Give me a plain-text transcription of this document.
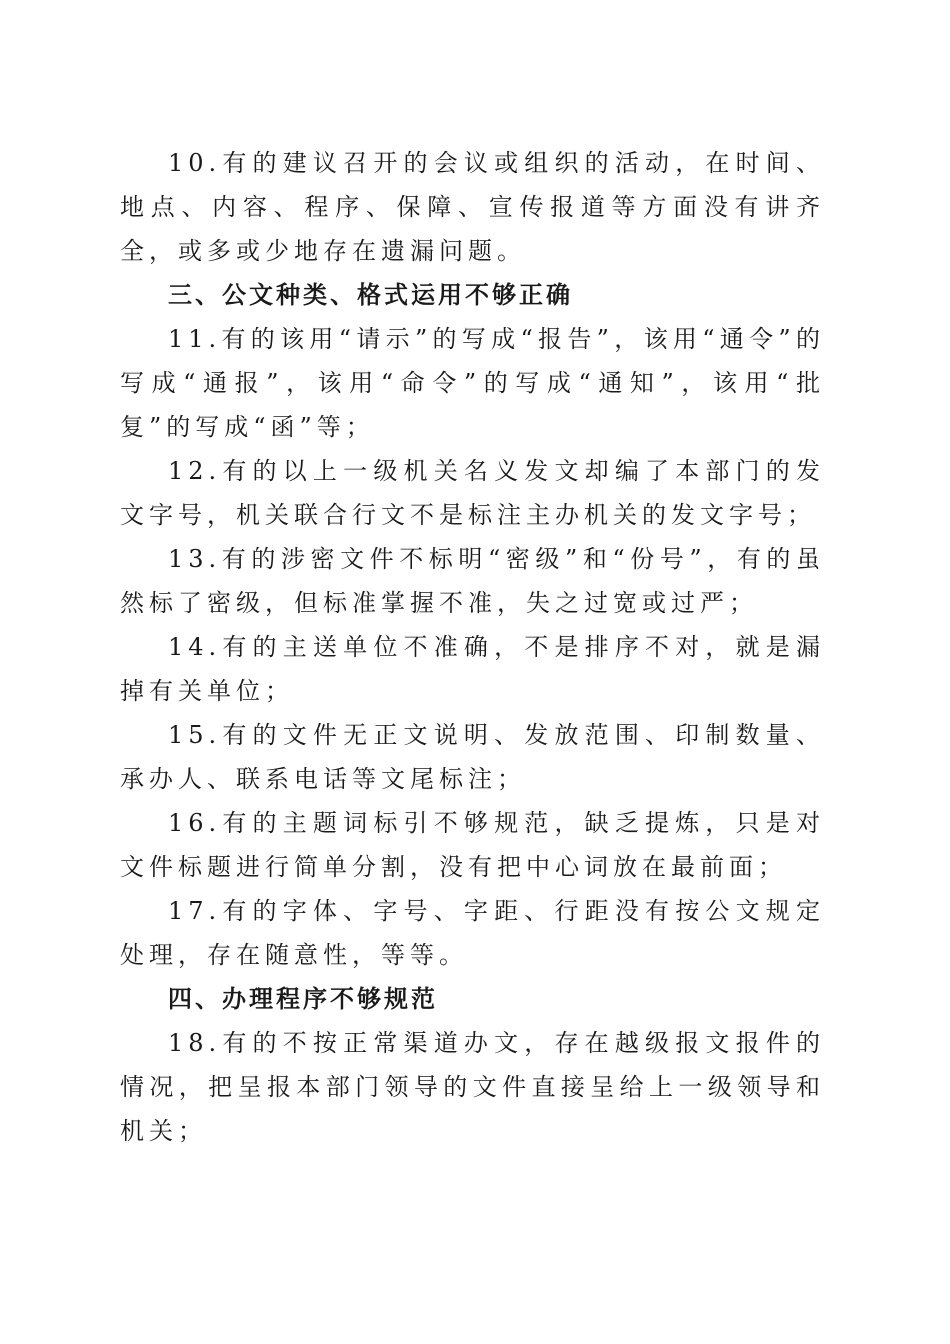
10.有的建议召开的会议或组织的活动，在时间、地点、内容、程序、保障、宣传报道等方面没有讲齐全，或多或少地存在遗漏问题。

三、公文种类、格式运用不够正确

11.有的该用“请示”的写成“报告”，该用“通令”的写成“通报”，该用“命令”的写成“通知”，该用“批复”的写成“函”等；

12.有的以上一级机关名义发文却编了本部门的发文字号，机关联合行文不是标注主办机关的发文字号；

13.有的涉密文件不标明“密级”和“份号”，有的虽然标了密级，但标准掌握不准，失之过宽或过严；

14.有的主送单位不准确，不是排序不对，就是漏掉有关单位；

15.有的文件无正文说明、发放范围、印制数量、承办人、联系电话等文尾标注；

16.有的主题词标引不够规范，缺乏提炼，只是对文件标题进行简单分割，没有把中心词放在最前面；

17.有的字体、字号、字距、行距没有按公文规定处理，存在随意性，等等。

四、办理程序不够规范

18.有的不按正常渠道办文，存在越级报文报件的情况，把呈报本部门领导的文件直接呈给上一级领导和机关；
